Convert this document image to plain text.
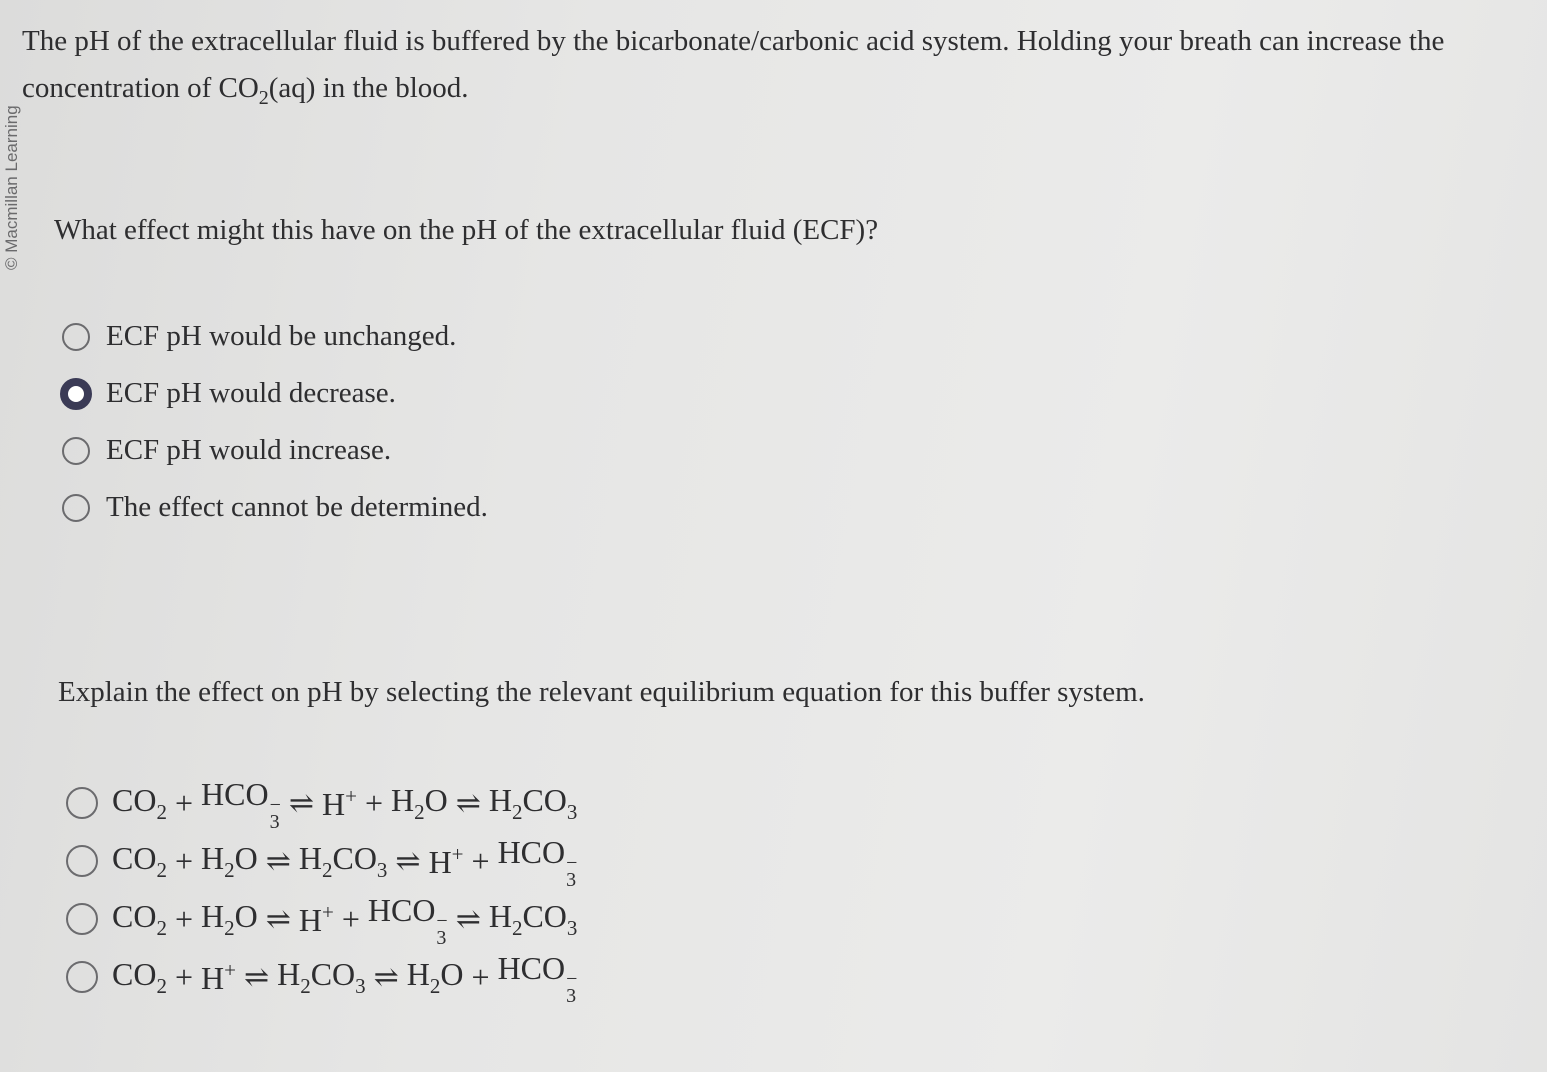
© Macmillan Learning
The pH of the extracellular fluid is buffered by the bicarbonate/carbonic acid system. Holding your breath can increase the concentration of $CO_2(aq)$ in the blood.
What effect might this have on the pH of the extracellular fluid (ECF)?
ECF pH would be unchanged.
ECF pH would decrease.
ECF pH would increase.
The effect cannot be determined.
Explain the effect on pH by selecting the relevant equilibrium equation for this buffer system.
$CO_2$ + HCO −
3
⇌ $H^+ + H_2O$ ⇌ $H_2CO_3$
$CO_2 + H_2O$ ⇌ $H_2CO_3$ ⇌ H+ + HCO −
3
$CO_2 + H_2O$ ⇌ H+ + HCO −
3
⇌ $H_2CO_3$
$CO_2 + H^+$ ⇌ $H_2CO_3$ ⇌ $H_2O$ + HCO −
3
